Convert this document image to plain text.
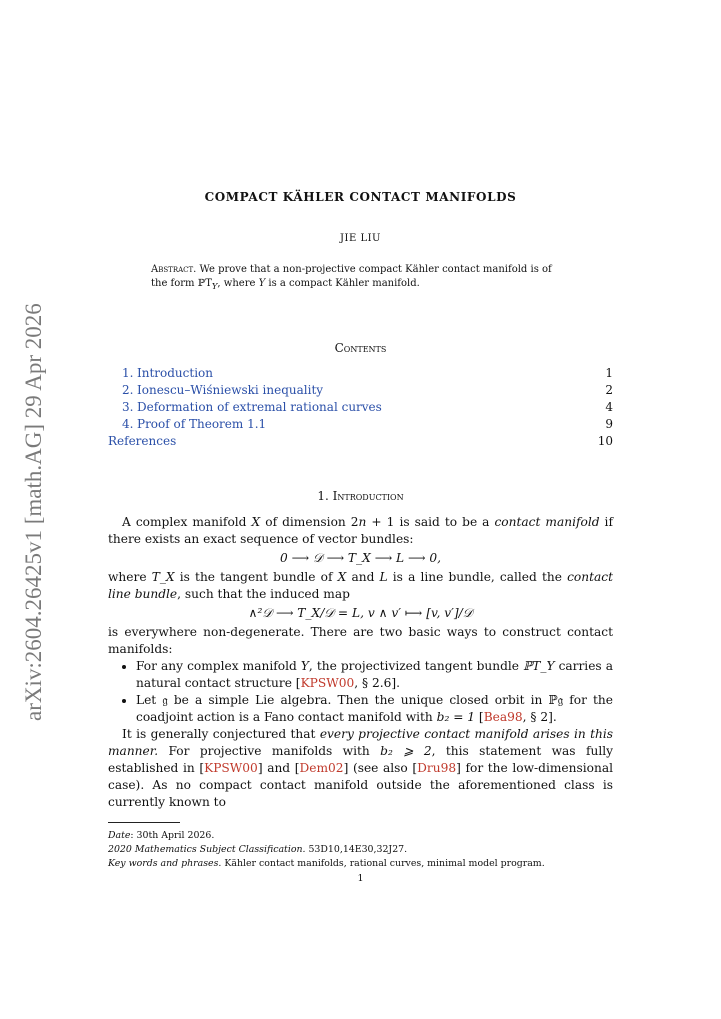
arXiv:2604.26425v1 [math.AG] 29 Apr 2026
COMPACT KÄHLER CONTACT MANIFOLDS
JIE LIU
Abstract. We prove that a non-projective compact Kähler contact manifold is of the form ℙT$_Y$, where Y is a compact Kähler manifold.
Contents
1. Introduction	1
2. Ionescu–Wiśniewski inequality	2
3. Deformation of extremal rational curves	4
4. Proof of Theorem 1.1	9
References	10
1. Introduction

A complex manifold X of dimension 2n + 1 is said to be a contact manifold if there exists an exact sequence of vector bundles:

0 ⟶ 𝒟 ⟶ T_X ⟶ L ⟶ 0,

where T_X is the tangent bundle of X and L is a line bundle, called the contact line bundle, such that the induced map

∧²𝒟 ⟶ T_X/𝒟 = L, v ∧ v′ ⟼ [v, v′]/𝒟

is everywhere non-degenerate. There are two basic ways to construct contact manifolds:

• For any complex manifold Y, the projectivized tangent bundle ℙT_Y carries a natural contact structure [KPSW00, § 2.6].
• Let 𝔤 be a simple Lie algebra. Then the unique closed orbit in ℙ𝔤 for the coadjoint action is a Fano contact manifold with b₂ = 1 [Bea98, § 2].

It is generally conjectured that every projective contact manifold arises in this manner. For projective manifolds with b₂ ⩾ 2, this statement was fully established in [KPSW00] and [Dem02] (see also [Dru98] for the low-dimensional case). As no compact contact manifold outside the aforementioned class is currently known to

Date: 30th April 2026.
2020 Mathematics Subject Classification. 53D10,14E30,32J27.
Key words and phrases. Kähler contact manifolds, rational curves, minimal model program.
1
